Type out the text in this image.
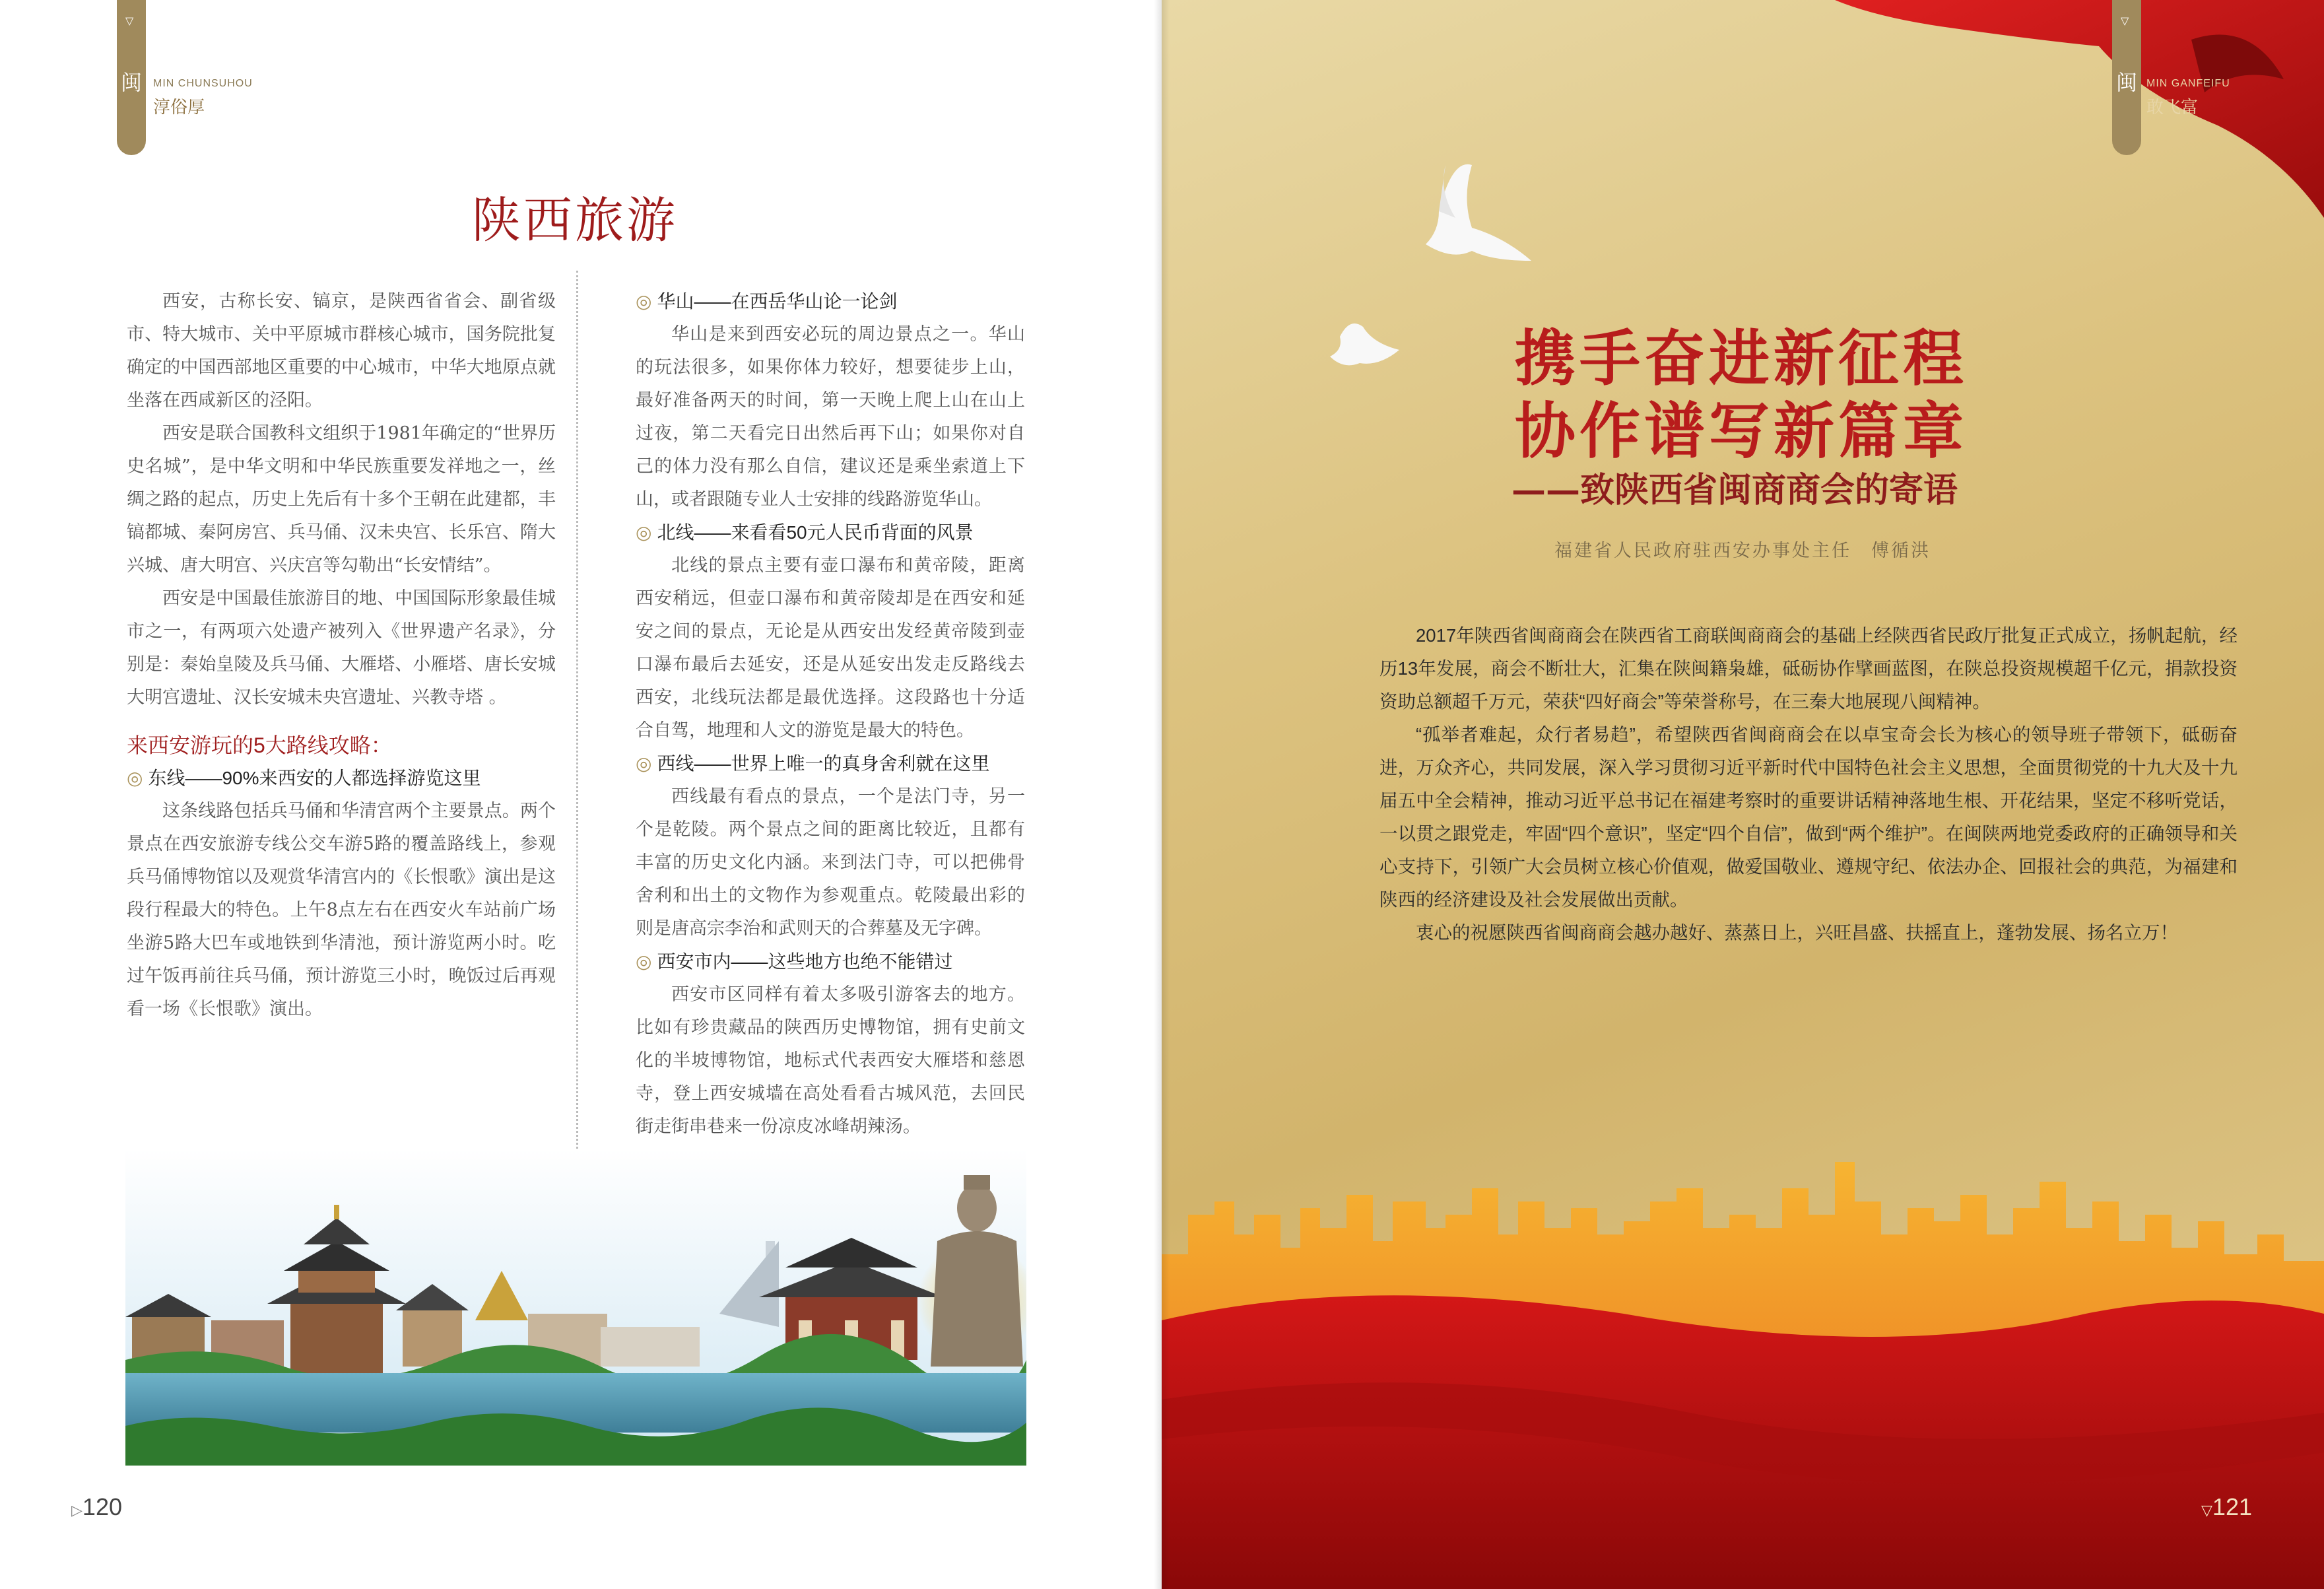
▽
闽 MIN CHUNSUHOU
淳俗厚
陕西旅游

西安，古称长安、镐京，是陕西省省会、副省级市、特大城市、关中平原城市群核心城市，国务院批复确定的中国西部地区重要的中心城市，中华大地原点就坐落在西咸新区的泾阳。

西安是联合国教科文组织于1981年确定的“世界历史名城”，是中华文明和中华民族重要发祥地之一，丝绸之路的起点，历史上先后有十多个王朝在此建都，丰镐都城、秦阿房宫、兵马俑、汉未央宫、长乐宫、隋大兴城、唐大明宫、兴庆宫等勾勒出“长安情结”。

西安是中国最佳旅游目的地、中国国际形象最佳城市之一，有两项六处遗产被列入《世界遗产名录》，分别是：秦始皇陵及兵马俑、大雁塔、小雁塔、唐长安城大明宫遗址、汉长安城未央宫遗址、兴教寺塔 。

来西安游玩的5大路线攻略：

◎ 东线——90%来西安的人都选择游览这里

这条线路包括兵马俑和华清宫两个主要景点。两个景点在西安旅游专线公交车游5路的覆盖路线上，参观兵马俑博物馆以及观赏华清宫内的《长恨歌》演出是这段行程最大的特色。上午8点左右在西安火车站前广场坐游5路大巴车或地铁到华清池，预计游览两小时。吃过午饭再前往兵马俑，预计游览三小时，晚饭过后再观看一场《长恨歌》演出。

◎ 华山——在西岳华山论一论剑

华山是来到西安必玩的周边景点之一。华山的玩法很多，如果你体力较好，想要徒步上山，最好准备两天的时间，第一天晚上爬上山在山上过夜，第二天看完日出然后再下山；如果你对自己的体力没有那么自信，建议还是乘坐索道上下山，或者跟随专业人士安排的线路游览华山。

◎ 北线——来看看50元人民币背面的风景

北线的景点主要有壶口瀑布和黄帝陵，距离西安稍远，但壶口瀑布和黄帝陵却是在西安和延安之间的景点，无论是从西安出发经黄帝陵到壶口瀑布最后去延安，还是从延安出发走反路线去西安，北线玩法都是最优选择。这段路也十分适合自驾，地理和人文的游览是最大的特色。

◎ 西线——世界上唯一的真身舍利就在这里

西线最有看点的景点，一个是法门寺，另一个是乾陵。两个景点之间的距离比较近，且都有丰富的历史文化内涵。来到法门寺，可以把佛骨舍利和出土的文物作为参观重点。乾陵最出彩的则是唐高宗李治和武则天的合葬墓及无字碑。

◎ 西安市内——这些地方也绝不能错过

西安市区同样有着太多吸引游客去的地方。比如有珍贵藏品的陕西历史博物馆，拥有史前文化的半坡博物馆，地标式代表西安大雁塔和慈恩寺，登上西安城墙在高处看看古城风范，去回民街走街串巷来一份凉皮冰峰胡辣汤。

▷120
▽
闽 MIN GANFEIFU
敢飞富
携手奋进新征程
协作谱写新篇章
——致陕西省闽商商会的寄语
福建省人民政府驻西安办事处主任　傅循洪

2017年陕西省闽商商会在陕西省工商联闽商商会的基础上经陕西省民政厅批复正式成立，扬帆起航，经历13年发展，商会不断壮大，汇集在陕闽籍枭雄，砥砺协作擘画蓝图，在陕总投资规模超千亿元，捐款投资资助总额超千万元，荣获“四好商会”等荣誉称号，在三秦大地展现八闽精神。

“孤举者难起，众行者易趋”，希望陕西省闽商商会在以卓宝奇会长为核心的领导班子带领下，砥砺奋进，万众齐心，共同发展，深入学习贯彻习近平新时代中国特色社会主义思想，全面贯彻党的十九大及十九届五中全会精神，推动习近平总书记在福建考察时的重要讲话精神落地生根、开花结果，坚定不移听党话，一以贯之跟党走，牢固“四个意识”，坚定“四个自信”，做到“两个维护”。在闽陕两地党委政府的正确领导和关心支持下，引领广大会员树立核心价值观，做爱国敬业、遵规守纪、依法办企、回报社会的典范，为福建和陕西的经济建设及社会发展做出贡献。

衷心的祝愿陕西省闽商商会越办越好、蒸蒸日上，兴旺昌盛、扶摇直上，蓬勃发展、扬名立万！

▽121
